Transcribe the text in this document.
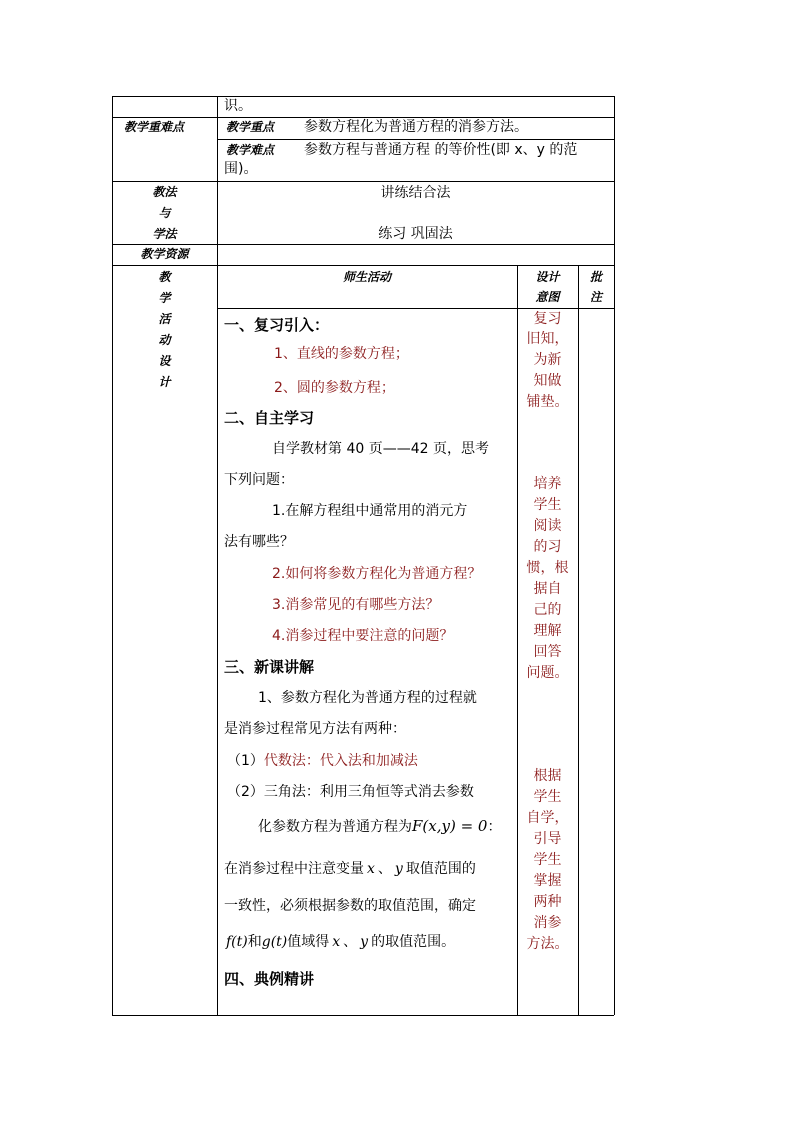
识。
教学重难点	教学重点 参数方程化为普通方程的消参方法。
教学难点 参数方程与普通方程 的等价性(即 x、y 的范
围)。
教法
与
学法
讲练结合法
练习 巩固法
教学资源
教
学
活
动
设
计
师生活动	设计
意图
批
注
一、复习引入：
1、直线的参数方程；
2、圆的参数方程；
二、自主学习
自学教材第 40 页——42 页，思考
下列问题：
1.在解方程组中通常用的消元方
法有哪些？
2.如何将参数方程化为普通方程？
3.消参常见的有哪些方法？
4.消参过程中要注意的问题？
三、新课讲解
1、参数方程化为普通方程的过程就
是消参过程常见方法有两种：
（1）代数法：代入法和加减法
（2）三角法：利用三角恒等式消去参数
化参数方程为普通方程为F(x,y) = 0：
在消参过程中注意变量 x 、 y 取值范围的
一致性，必须根据参数的取值范围，确定
f(t)和g(t)值域得 x 、 y 的取值范围。
四、典例精讲
复习
旧知，
为新
知做
铺垫。
培养
学生
阅读
的习
惯，根
据自
己的
理解
回答
问题。
根据
学生
自学，
引导
学生
掌握
两种
消参
方法。
